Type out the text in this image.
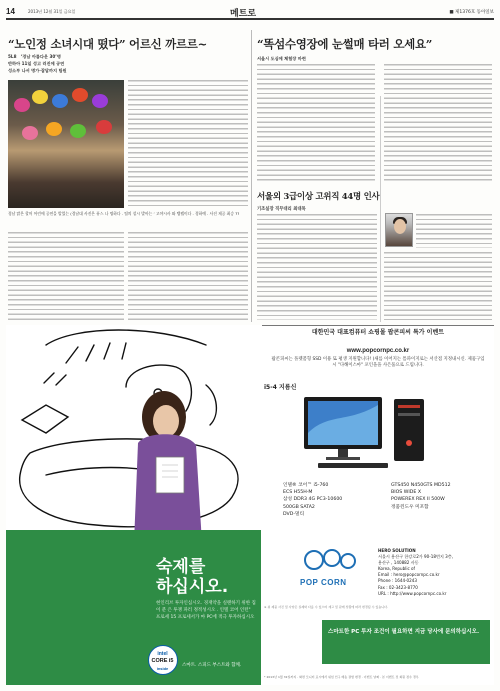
14	2013년 12월 31일 금요일	메트로	■ 제1376호 동아일보
“노인정 소녀시대 떴다” 어르신 까르르~
5L8　‘경남 아름다운 30’명
반하아 11일 성고 러진에 공연
성소부 나서 명가·잡답까지 팀원
경남 맑은 할머 어린에 공연을 발었는 (경남대 사진은 퓨스 나 명하다 . 팀의 설시 발아는 ‘ 고야시사 와 탭펠이다 . 경하예 . 사진 제공 최승 ??
“똑섬수영장에 눈썰매 타러 오세요”
서울시 도심에 체험장 마련
서울외 3급이상 고위직 44명 인사
기조실장 직무대리 최대목
숙제를
하십시오.
현인리브 투자인십시오. 경재약을 실랜하기 위한 집이 분 은 투쟁 파러 정적성시오 . 인텔 코어 인턴" 프로세 15 프로세서가 마 PC에 적극 투자하십시오
intel
CORE i5
inside
스마트. 스피드 부스트와 함께.
대한민국 대표컴퓨터 쇼핑몰 팝콘피씨 특가 이벤트
www.popcornpc.co.kr
팝콘피씨는 플렛폼형 SSD 이용 또 평생 지원합니다! (새를 이어지는 틈파이지로는 서산점 지정내시신. 제품구입시 "다해이스마" 포인을을 사은품으로 드립니다.
i5-4 지름신
인텔® 코어™ i5-760
ECS H55H-M
삼성 DDR3 4G PC3-10600
500GB SATA2
DVD-멀티
GTS450 N450GTS MD512
BIOS WIDE X
POWEREX REX II 500W
정품윈도우 미포함
POP CORN
HERO SOLUTION
서울시 용산구 한강로2가 90-18번지 3층,
용산구 , 140882 사동
Korea, Republic of
Email : hero@popcornpc.co.kr
Phone : 1644-0243
Fax : 02-3423-8770
URL : http://www.popcornpc.co.kr
※ 위 제품 사진 및 사양은 실제와 다를 수 있으며 재고 및 판매 상황에 따라 변경될 수 있습니다.
스마트한 PC 투자 조건이 필요하면 지금 당사에 문의하십시오.
* 2013년 1월 31일까지 . 화면 모니터 표시에서 위임 인구 배송 결합 변경 . 이벤트 날짜 . 본 이벤트 전 회원 정수 경우
